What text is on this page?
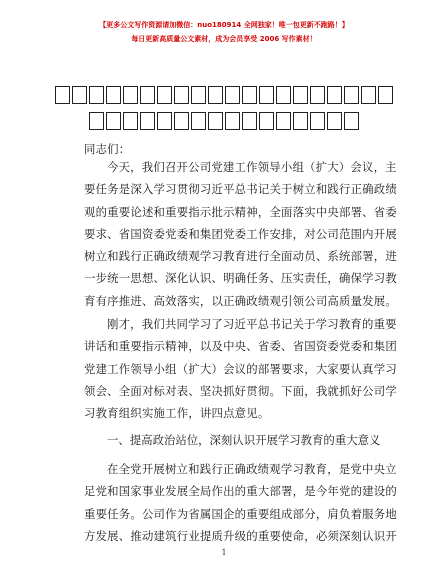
【更多公文写作资源请加微信：nuo180914 全网独家！唯一包更新不跑路！】
每日更新高质量公文素材，成为会员享受 2006 写作素材！
同志们：
今天，我们召开公司党建工作领导小组（扩大）会议，主
要任务是深入学习贯彻习近平总书记关于树立和践行正确政绩
观的重要论述和重要指示批示精神，全面落实中央部署、省委
要求、省国资委党委和集团党委工作安排，对公司范围内开展
树立和践行正确政绩观学习教育进行全面动员、系统部署，进
一步统一思想、深化认识、明确任务、压实责任，确保学习教
育有序推进、高效落实，以正确政绩观引领公司高质量发展。
刚才，我们共同学习了习近平总书记关于学习教育的重要
讲话和重要指示精神，以及中央、省委、省国资委党委和集团
党建工作领导小组（扩大）会议的部署要求，大家要认真学习
领会、全面对标对表、坚决抓好贯彻。下面，我就抓好公司学
习教育组织实施工作，讲四点意见。
一、提高政治站位，深刻认识开展学习教育的重大意义
在全党开展树立和践行正确政绩观学习教育，是党中央立
足党和国家事业发展全局作出的重大部署，是今年党的建设的
重要任务。公司作为省属国企的重要组成部分，肩负着服务地
方发展、推动建筑行业提质升级的重要使命，必须深刻认识开
1
